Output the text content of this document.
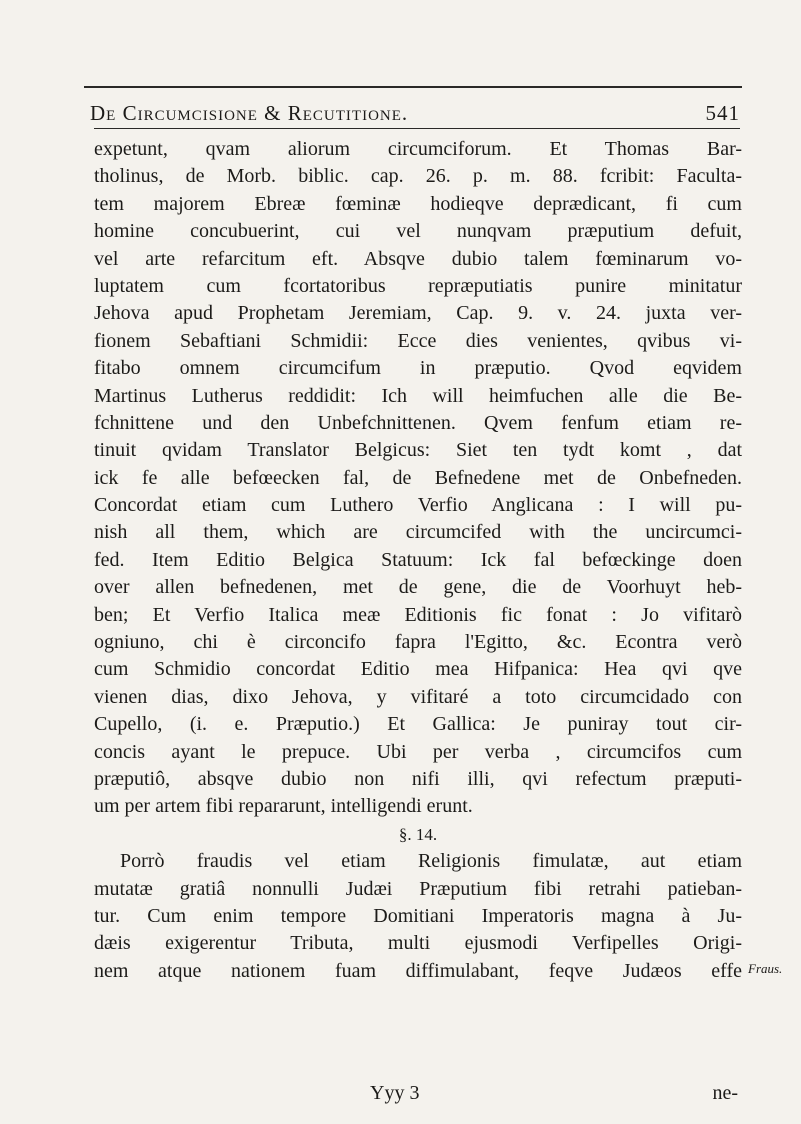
De Circumcisione & Recutitione.	541
expetunt, qvam aliorum circumciforum. Et Thomas Bar-
tholinus, de Morb. biblic. cap. 26. p. m. 88. fcribit: Faculta-
tem majorem Ebreæ fœminæ hodieqve deprædicant, fi cum
homine concubuerint, cui vel nunqvam præputium defuit,
vel arte refarcitum eft. Absqve dubio talem fœminarum vo-
luptatem cum fcortatoribus repræputiatis punire minitatur
Jehova apud Prophetam Jeremiam, Cap. 9. v. 24. juxta ver-
fionem Sebaftiani Schmidii: Ecce dies venientes, qvibus vi-
fitabo omnem circumcifum in præputio. Qvod eqvidem
Martinus Lutherus reddidit: Ich will heimfuchen alle die Be-
fchnittene und den Unbefchnittenen. Qvem fenfum etiam re-
tinuit qvidam Translator Belgicus: Siet ten tydt komt , dat
ick fe alle befœecken fal, de Befnedene met de Onbefneden.
Concordat etiam cum Luthero Verfio Anglicana : I will pu-
nish all them, which are circumcifed with the uncircumci-
fed. Item Editio Belgica Statuum: Ick fal befœckinge doen
over allen befnedenen, met de gene, die de Voorhuyt heb-
ben; Et Verfio Italica meæ Editionis fic fonat : Jo vifitarò
ogniuno, chi è circoncifo fapra l'Egitto, &c. Econtra verò
cum Schmidio concordat Editio mea Hifpanica: Hea qvi qve
vienen dias, dixo Jehova, y vifitaré a toto circumcidado con
Cupello, (i. e. Præputio.) Et Gallica: Je puniray tout cir-
concis ayant le prepuce. Ubi per verba , circumcifos cum
præputiô, absqve dubio non nifi illi, qvi refectum præputi-
um per artem fibi repararunt, intelligendi erunt.
§. 14.
Porrò fraudis vel etiam Religionis fimulatæ, aut etiam
mutatæ gratiâ nonnulli Judæi Præputium fibi retrahi patieban-
tur. Cum enim tempore Domitiani Imperatoris magna à Ju-
dæis exigerentur Tributa, multi ejusmodi Verfipelles Origi-
nem atque nationem fuam diffimulabant, feqve Judæos effe Fraus.
Yyy 3	ne-
